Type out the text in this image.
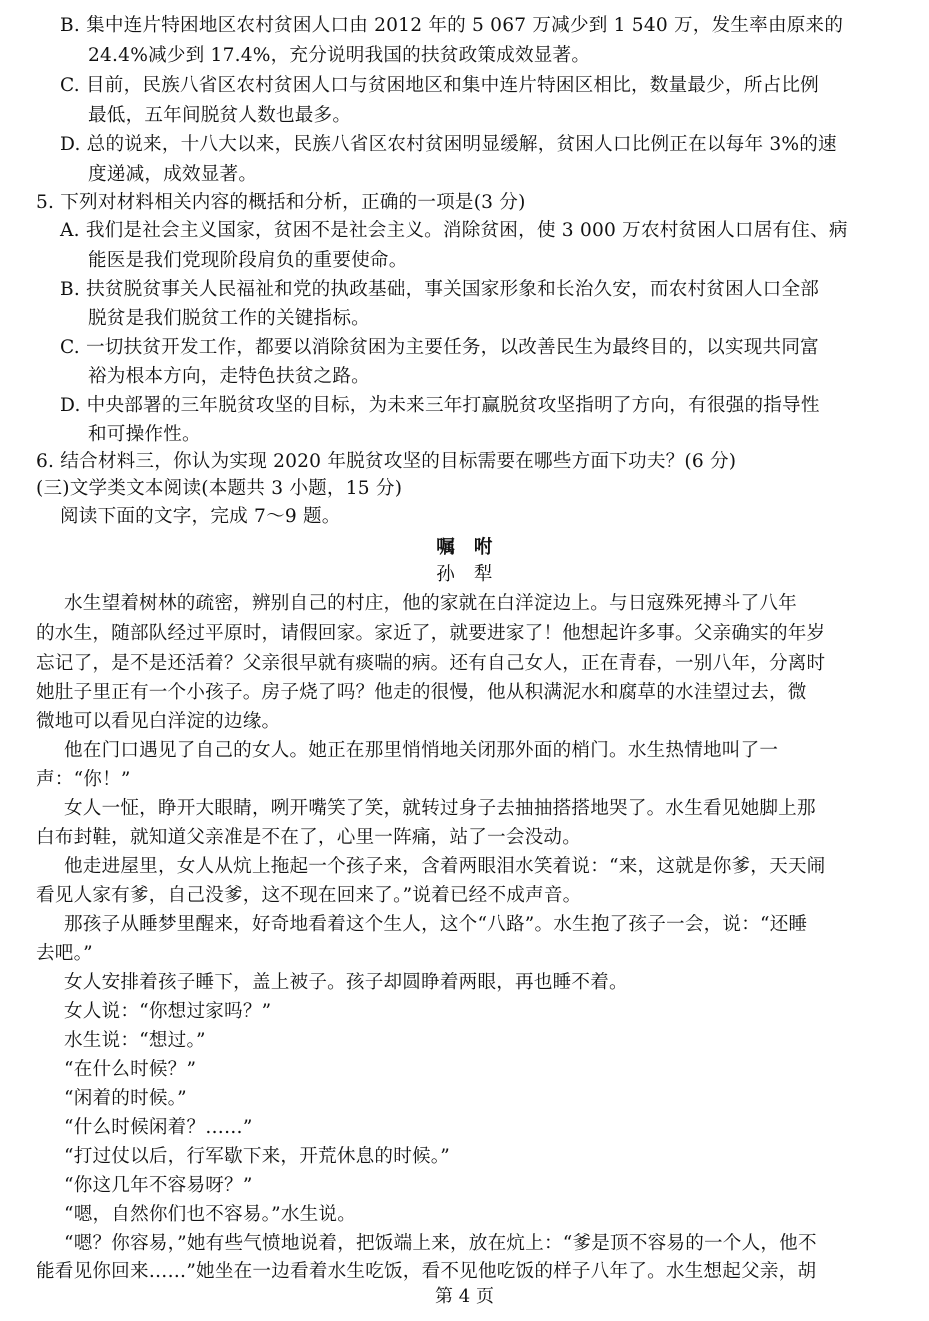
B. 集中连片特困地区农村贫困人口由 2012 年的 5 067 万减少到 1 540 万，发生率由原来的
24.4%减少到 17.4%，充分说明我国的扶贫政策成效显著。
C. 目前，民族八省区农村贫困人口与贫困地区和集中连片特困区相比，数量最少，所占比例
最低，五年间脱贫人数也最多。
D. 总的说来，十八大以来，民族八省区农村贫困明显缓解，贫困人口比例正在以每年 3%的速
度递减，成效显著。
5. 下列对材料相关内容的概括和分析，正确的一项是(3 分)
A. 我们是社会主义国家，贫困不是社会主义。消除贫困，使 3 000 万农村贫困人口居有住、病
能医是我们党现阶段肩负的重要使命。
B. 扶贫脱贫事关人民福祉和党的执政基础，事关国家形象和长治久安，而农村贫困人口全部
脱贫是我们脱贫工作的关键指标。
C. 一切扶贫开发工作，都要以消除贫困为主要任务，以改善民生为最终目的，以实现共同富
裕为根本方向，走特色扶贫之路。
D. 中央部署的三年脱贫攻坚的目标，为未来三年打赢脱贫攻坚指明了方向，有很强的指导性
和可操作性。
6. 结合材料三，你认为实现 2020 年脱贫攻坚的目标需要在哪些方面下功夫？(6 分)
(三)文学类文本阅读(本题共 3 小题，15 分)
阅读下面的文字，完成 7～9 题。
嘱　咐
孙　犁
水生望着树林的疏密，辨别自己的村庄，他的家就在白洋淀边上。与日寇殊死搏斗了八年
的水生，随部队经过平原时，请假回家。家近了，就要进家了！他想起许多事。父亲确实的年岁
忘记了，是不是还活着？父亲很早就有痰喘的病。还有自己女人，正在青春，一别八年，分离时
她肚子里正有一个小孩子。房子烧了吗？他走的很慢，他从积满泥水和腐草的水洼望过去，微
微地可以看见白洋淀的边缘。
他在门口遇见了自己的女人。她正在那里悄悄地关闭那外面的梢门。水生热情地叫了一
声：“你！”
女人一怔，睁开大眼睛，咧开嘴笑了笑，就转过身子去抽抽搭搭地哭了。水生看见她脚上那
白布封鞋，就知道父亲准是不在了，心里一阵痛，站了一会没动。
他走进屋里，女人从炕上拖起一个孩子来，含着两眼泪水笑着说：“来，这就是你爹，天天闹
看见人家有爹，自己没爹，这不现在回来了。”说着已经不成声音。
那孩子从睡梦里醒来，好奇地看着这个生人，这个“八路”。水生抱了孩子一会，说：“还睡
去吧。”
女人安排着孩子睡下，盖上被子。孩子却圆睁着两眼，再也睡不着。
女人说：“你想过家吗？”
水生说：“想过。”
“在什么时候？”
“闲着的时候。”
“什么时候闲着？……”
“打过仗以后，行军歇下来，开荒休息的时候。”
“你这几年不容易呀？”
“嗯，自然你们也不容易。”水生说。
“嗯？你容易，”她有些气愤地说着，把饭端上来，放在炕上：“爹是顶不容易的一个人，他不
能看见你回来……”她坐在一边看着水生吃饭，看不见他吃饭的样子八年了。水生想起父亲，胡
第 4 页
